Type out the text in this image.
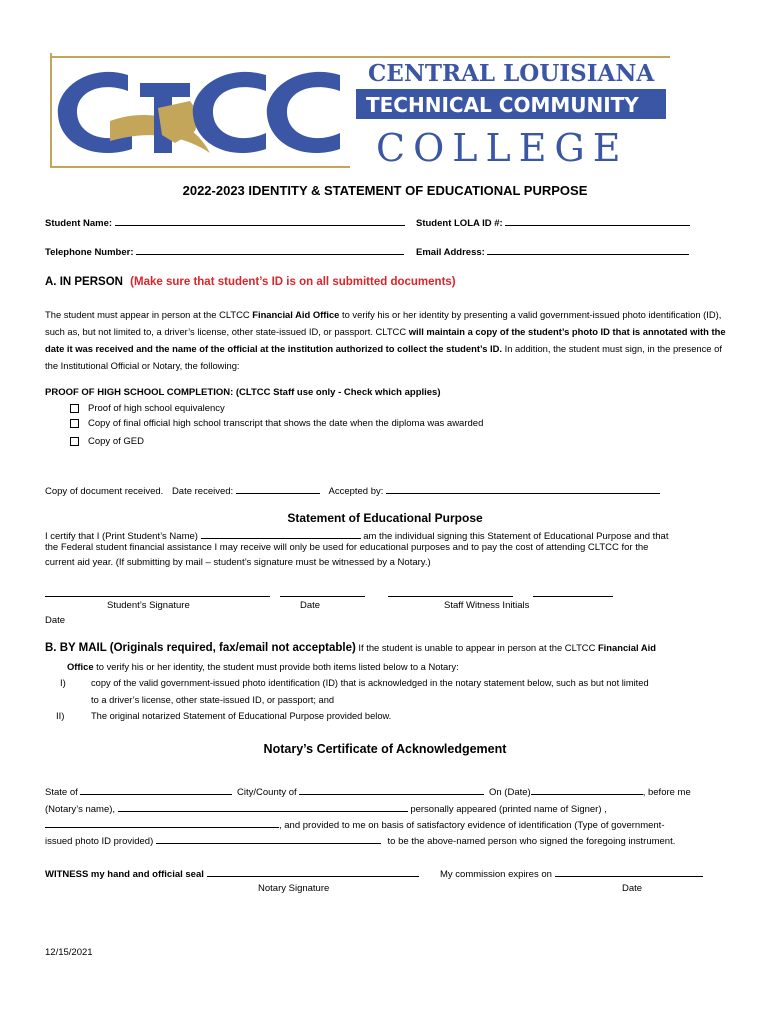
CENTRAL LOUISIANA
TECHNICAL COMMUNITY
COLLEGE
2022-2023 IDENTITY & STATEMENT OF EDUCATIONAL PURPOSE
Student Name:	Student LOLA ID #:
Telephone Number:	Email Address:
A. IN PERSON (Make sure that student’s ID is on all submitted documents)
The student must appear in person at the CLTCC Financial Aid Office to verify his or her identity by presenting a valid government-issued photo identification (ID), such as, but not limited to, a driver’s license, other state-issued ID, or passport. CLTCC will maintain a copy of the student’s photo ID that is annotated with the date it was received and the name of the official at the institution authorized to collect the student’s ID. In addition, the student must sign, in the presence of the Institutional Official or Notary, the following:
PROOF OF HIGH SCHOOL COMPLETION: (CLTCC Staff use only - Check which applies)
Proof of high school equivalency
Copy of final official high school transcript that shows the date when the diploma was awarded
Copy of GED
Copy of document received. Date received:	Accepted by:
Statement of Educational Purpose
I certify that I (Print Student’s Name)	am the individual signing this Statement of Educational Purpose and that
the Federal student financial assistance I may receive will only be used for educational purposes and to pay the cost of attending CLTCC for the
current aid year. (If submitting by mail – student’s signature must be witnessed by a Notary.)
Student’s Signature	Date	Staff Witness Initials
Date
B. BY MAIL (Originals required, fax/email not acceptable) If the student is unable to appear in person at the CLTCC Financial Aid
Office to verify his or her identity, the student must provide both items listed below to a Notary:
I)	copy of the valid government-issued photo identification (ID) that is acknowledged in the notary statement below, such as but not limited
to a driver’s license, other state-issued ID, or passport; and
II)	The original notarized Statement of Educational Purpose provided below.
Notary’s Certificate of Acknowledgement
State of	City/County of	On (Date)	, before me
(Notary’s name),	personally appeared (printed name of Signer) ,
, and provided to me on basis of satisfactory evidence of identification (Type of government-
issued photo ID provided)	to be the above-named person who signed the foregoing instrument.
WITNESS my hand and official seal	My commission expires on
Notary Signature	Date
12/15/2021
